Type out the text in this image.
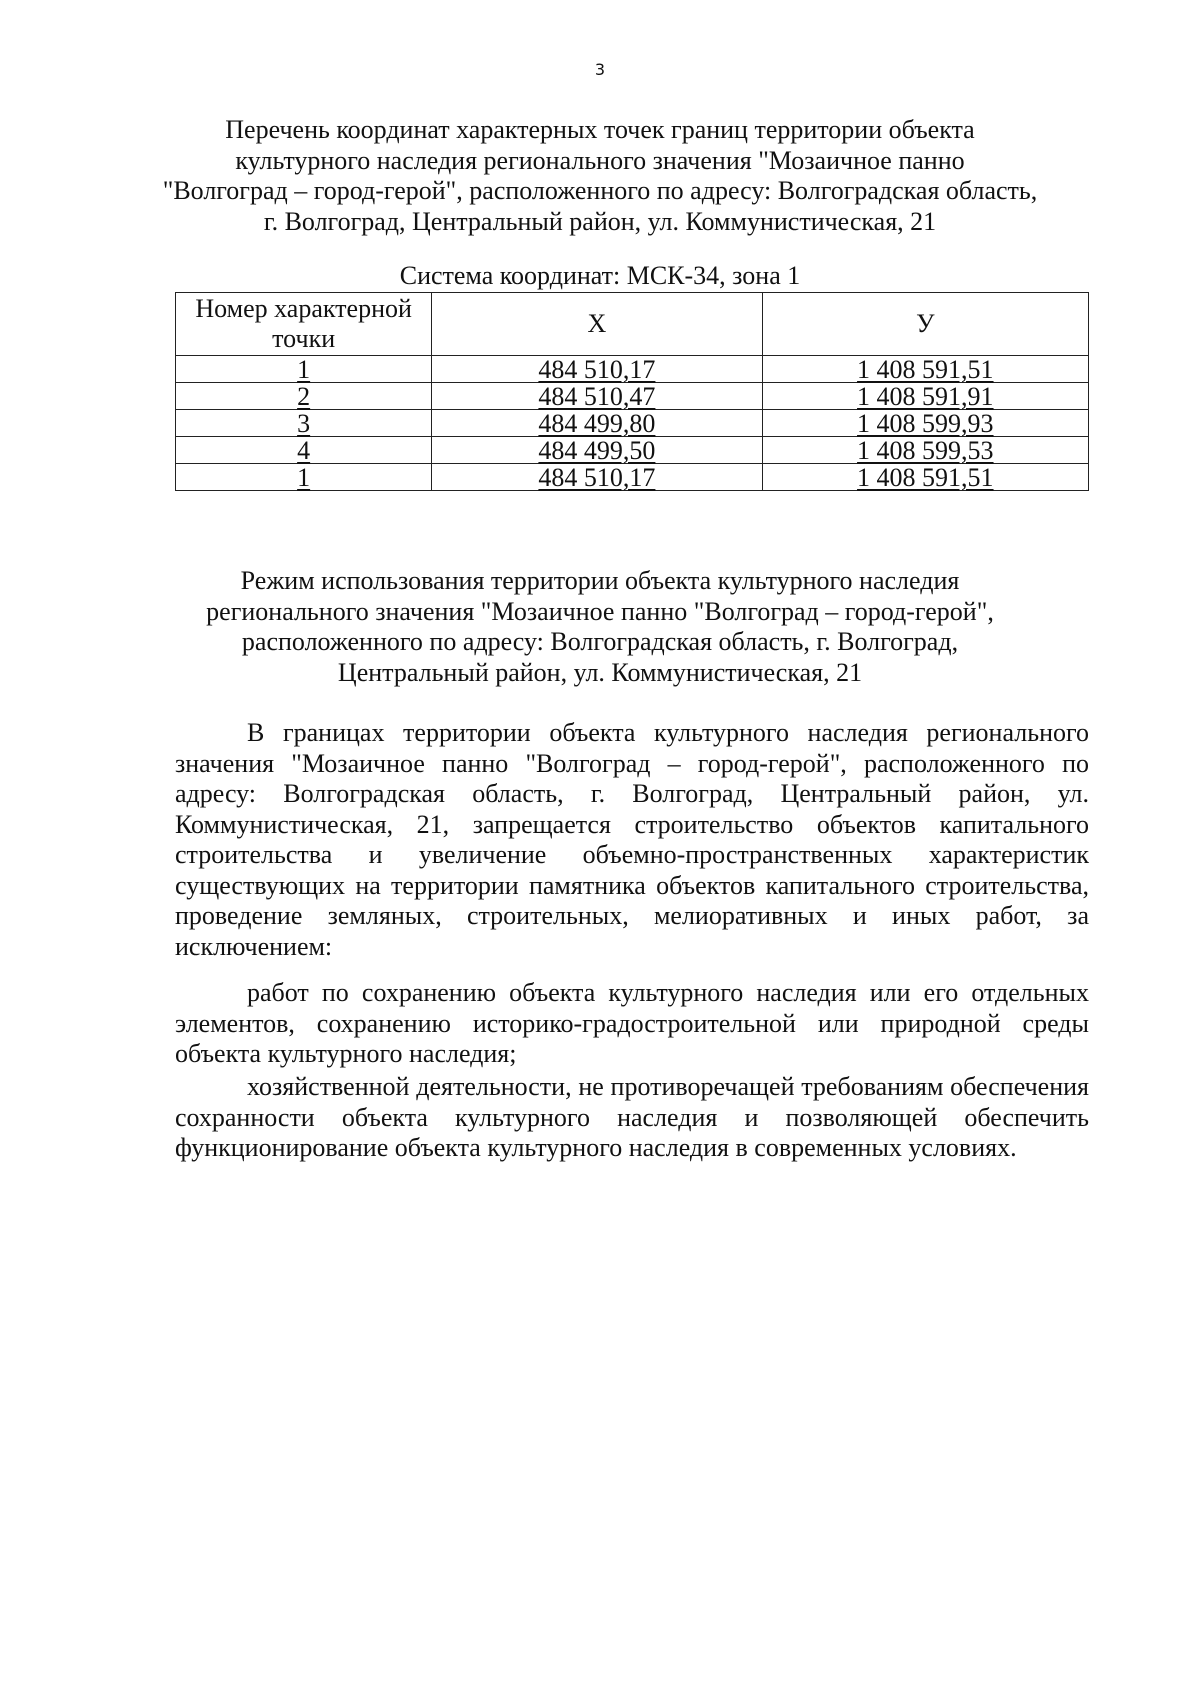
3
Перечень координат характерных точек границ территории объекта
культурного наследия регионального значения "Мозаичное панно
"Волгоград – город-герой", расположенного по адресу: Волгоградская область,
г. Волгоград, Центральный район, ул. Коммунистическая, 21
Система координат: МСК-34, зона 1
Номер характерной точки	X	У
1	484 510,17	1 408 591,51
2	484 510,47	1 408 591,91
3	484 499,80	1 408 599,93
4	484 499,50	1 408 599,53
1	484 510,17	1 408 591,51
Режим использования территории объекта культурного наследия
регионального значения "Мозаичное панно "Волгоград – город-герой",
расположенного по адресу: Волгоградская область, г. Волгоград,
Центральный район, ул. Коммунистическая, 21

В границах территории объекта культурного наследия регионального значения "Мозаичное панно "Волгоград – город-герой", расположенного по адресу: Волгоградская область, г. Волгоград, Центральный район, ул. Коммунистическая, 21, запрещается строительство объектов капитального строительства и увеличение объемно-пространственных характеристик существующих на территории памятника объектов капитального строительства, проведение земляных, строительных, мелиоративных и иных работ, за исключением:

работ по сохранению объекта культурного наследия или его отдельных элементов, сохранению историко-градостроительной или природной среды объекта культурного наследия;

хозяйственной деятельности, не противоречащей требованиям обеспечения сохранности объекта культурного наследия и позволяющей обеспечить функционирование объекта культурного наследия в современных условиях.
